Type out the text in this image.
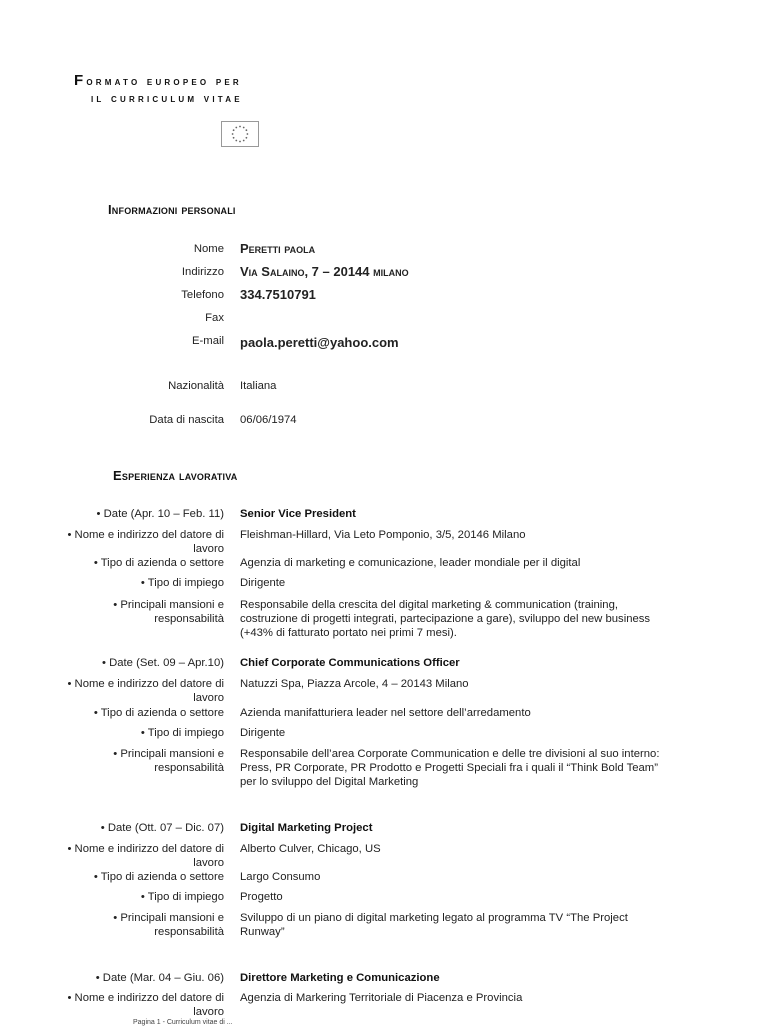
Formato europeo per
il curriculum vitae
Informazioni personali
Nome Peretti paola
Indirizzo Via Salaino, 7 – 20144 milano
Telefono 334.7510791
Fax
E-mail paola.peretti@yahoo.com
Nazionalità Italiana
Data di nascita 06/06/1974
Esperienza lavorativa
• Date (Apr. 10 – Feb. 11) Senior Vice President
• Nome e indirizzo del datore di lavoro
Fleishman-Hillard, Via Leto Pomponio, 3/5, 20146 Milano
• Tipo di azienda o settore Agenzia di marketing e comunicazione, leader mondiale per il digital
• Tipo di impiego Dirigente
• Principali mansioni e responsabilità
Responsabile della crescita del digital marketing & communication (training, costruzione di progetti integrati, partecipazione a gare), sviluppo del new business (+43% di fatturato portato nei primi 7 mesi).
• Date (Set. 09 – Apr.10) Chief Corporate Communications Officer
• Nome e indirizzo del datore di lavoro
Natuzzi Spa, Piazza Arcole, 4 – 20143 Milano
• Tipo di azienda o settore Azienda manifatturiera leader nel settore dell’arredamento
• Tipo di impiego Dirigente
• Principali mansioni e responsabilità
Responsabile dell’area Corporate Communication e delle tre divisioni al suo interno: Press, PR Corporate, PR Prodotto e Progetti Speciali fra i quali il “Think Bold Team” per lo sviluppo del Digital Marketing
• Date (Ott. 07 – Dic. 07) Digital Marketing Project
• Nome e indirizzo del datore di lavoro
Alberto Culver, Chicago, US
• Tipo di azienda o settore Largo Consumo
• Tipo di impiego Progetto
• Principali mansioni e responsabilità
Sviluppo di un piano di digital marketing legato al programma TV “The Project Runway”
• Date (Mar. 04 – Giu. 06) Direttore Marketing e Comunicazione
• Nome e indirizzo del datore di lavoro
Agenzia di Markering Territoriale di Piacenza e Provincia
Pagina 1 - Curriculum vitae di ...
